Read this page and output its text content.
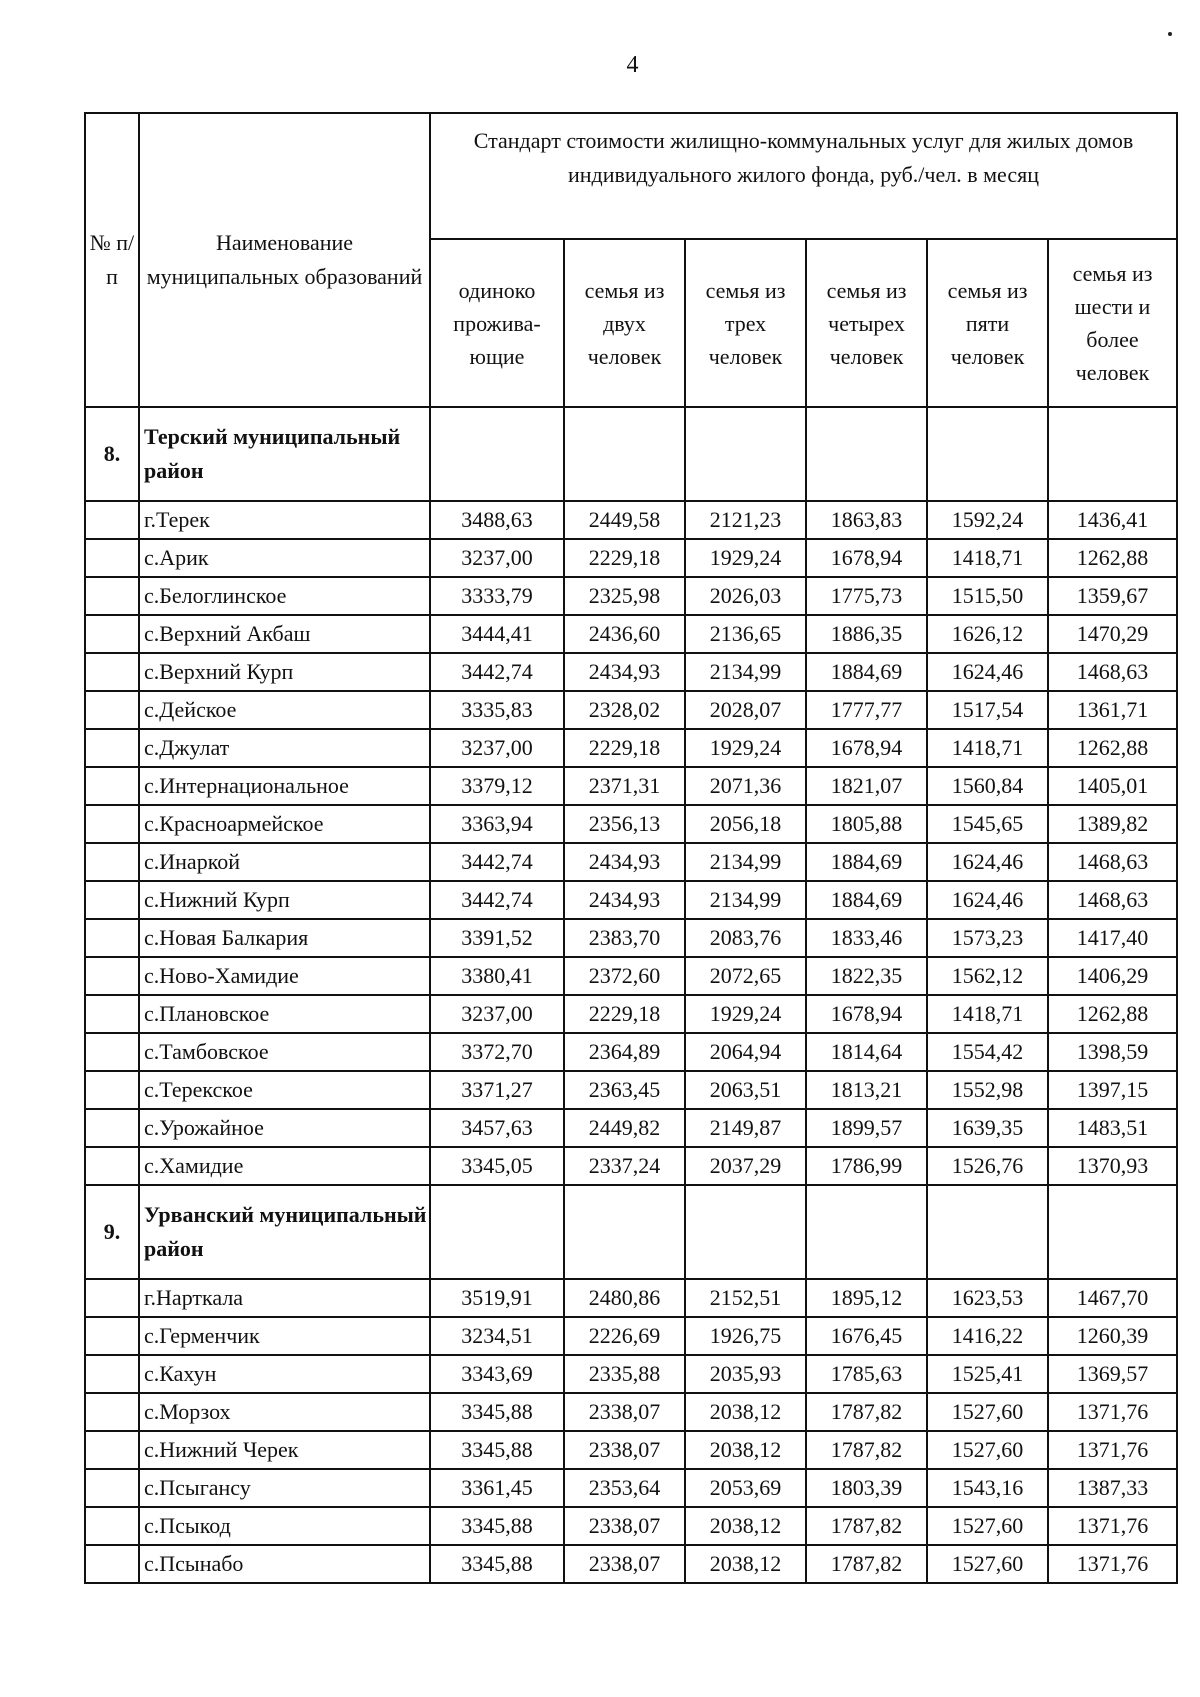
4
№ п/п	Наименование муниципальных образований	Стандарт стоимости жилищно-коммунальных услуг для жилых домов индивидуального жилого фонда, руб./чел. в месяц					
		одиноко прожива- ющие	семья из двух человек	семья из трех человек	семья из четырех человек	семья из пяти человек	семья из шести и более человек
8.	Терский муниципальный район						
	г.Терек	3488,63	2449,58	2121,23	1863,83	1592,24	1436,41
	с.Арик	3237,00	2229,18	1929,24	1678,94	1418,71	1262,88
	с.Белоглинское	3333,79	2325,98	2026,03	1775,73	1515,50	1359,67
	с.Верхний Акбаш	3444,41	2436,60	2136,65	1886,35	1626,12	1470,29
	с.Верхний Курп	3442,74	2434,93	2134,99	1884,69	1624,46	1468,63
	с.Дейское	3335,83	2328,02	2028,07	1777,77	1517,54	1361,71
	с.Джулат	3237,00	2229,18	1929,24	1678,94	1418,71	1262,88
	с.Интернациональное	3379,12	2371,31	2071,36	1821,07	1560,84	1405,01
	с.Красноармейское	3363,94	2356,13	2056,18	1805,88	1545,65	1389,82
	с.Инаркой	3442,74	2434,93	2134,99	1884,69	1624,46	1468,63
	с.Нижний Курп	3442,74	2434,93	2134,99	1884,69	1624,46	1468,63
	с.Новая Балкария	3391,52	2383,70	2083,76	1833,46	1573,23	1417,40
	с.Ново-Хамидие	3380,41	2372,60	2072,65	1822,35	1562,12	1406,29
	с.Плановское	3237,00	2229,18	1929,24	1678,94	1418,71	1262,88
	с.Тамбовское	3372,70	2364,89	2064,94	1814,64	1554,42	1398,59
	с.Терекское	3371,27	2363,45	2063,51	1813,21	1552,98	1397,15
	с.Урожайное	3457,63	2449,82	2149,87	1899,57	1639,35	1483,51
	с.Хамидие	3345,05	2337,24	2037,29	1786,99	1526,76	1370,93
9.	Урванский муниципальный район						
	г.Нарткала	3519,91	2480,86	2152,51	1895,12	1623,53	1467,70
	с.Герменчик	3234,51	2226,69	1926,75	1676,45	1416,22	1260,39
	с.Кахун	3343,69	2335,88	2035,93	1785,63	1525,41	1369,57
	с.Морзох	3345,88	2338,07	2038,12	1787,82	1527,60	1371,76
	с.Нижний Черек	3345,88	2338,07	2038,12	1787,82	1527,60	1371,76
	с.Псыгансу	3361,45	2353,64	2053,69	1803,39	1543,16	1387,33
	с.Псыкод	3345,88	2338,07	2038,12	1787,82	1527,60	1371,76
	с.Псынабо	3345,88	2338,07	2038,12	1787,82	1527,60	1371,76
